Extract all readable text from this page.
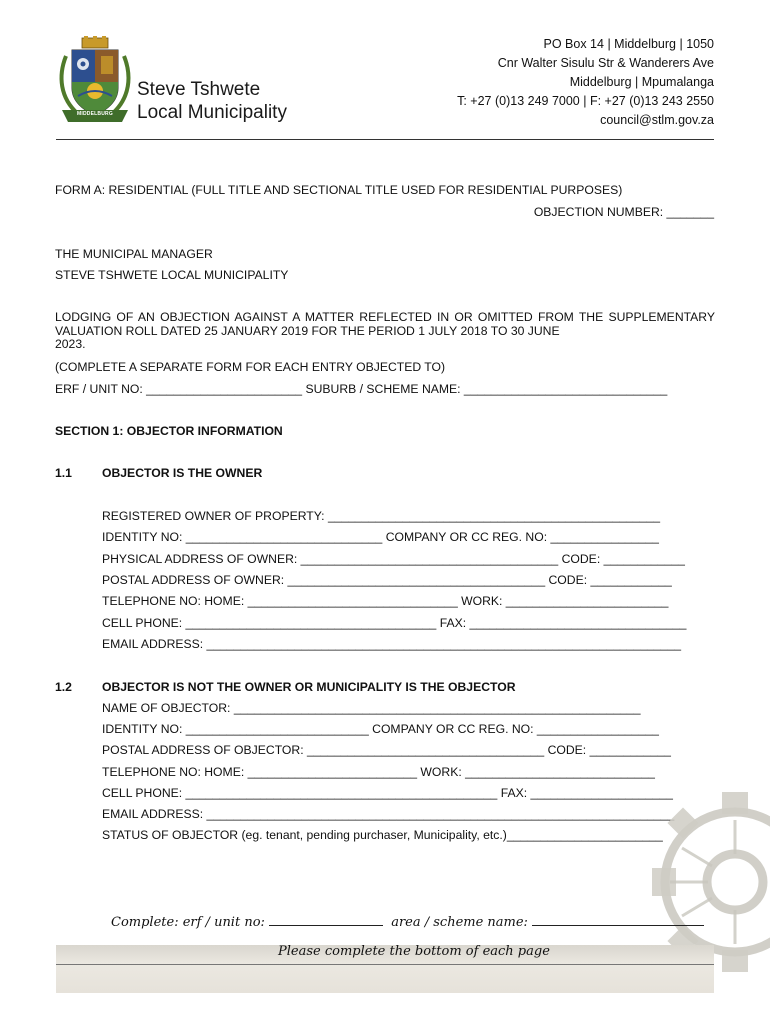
MIDDELBURG
Steve Tshwete
Local Municipality
PO Box 14 | Middelburg | 1050
Cnr Walter Sisulu Str & Wanderers Ave
Middelburg | Mpumalanga
T: +27 (0)13 249 7000 | F: +27 (0)13 243 2550
council@stlm.gov.za
FORM A: RESIDENTIAL (FULL TITLE AND SECTIONAL TITLE USED FOR RESIDENTIAL PURPOSES)
OBJECTION NUMBER: _______
THE MUNICIPAL MANAGER
STEVE TSHWETE LOCAL MUNICIPALITY
LODGING OF AN OBJECTION AGAINST A MATTER REFLECTED IN OR OMITTED FROM THE SUPPLEMENTARY VALUATION ROLL DATED 25 JANUARY 2019 FOR THE PERIOD 1 JULY 2018 TO 30 JUNE
2023.
(COMPLETE A SEPARATE FORM FOR EACH ENTRY OBJECTED TO)
ERF / UNIT NO: _______________________ SUBURB / SCHEME NAME: ______________________________
SECTION 1: OBJECTOR INFORMATION
1.1 OBJECTOR IS THE OWNER
REGISTERED OWNER OF PROPERTY: _________________________________________________
IDENTITY NO: _____________________________ COMPANY OR CC REG. NO: ________________
PHYSICAL ADDRESS OF OWNER: ______________________________________ CODE: ____________
POSTAL ADDRESS OF OWNER: ______________________________________ CODE: ____________
TELEPHONE NO: HOME: _______________________________ WORK: ________________________
CELL PHONE: _____________________________________ FAX: ________________________________
EMAIL ADDRESS: ______________________________________________________________________
1.2 OBJECTOR IS NOT THE OWNER OR MUNICIPALITY IS THE OBJECTOR
NAME OF OBJECTOR: ____________________________________________________________
IDENTITY NO: ___________________________ COMPANY OR CC REG. NO: __________________
POSTAL ADDRESS OF OBJECTOR: ___________________________________ CODE: ____________
TELEPHONE NO: HOME: _________________________ WORK: ____________________________
CELL PHONE: ______________________________________________ FAX: _____________________
EMAIL ADDRESS: _____________________________________________________________________
STATUS OF OBJECTOR (eg. tenant, pending purchaser, Municipality, etc.)_______________________
Complete: erf / unit no:	area / scheme name:
Please complete the bottom of each page
